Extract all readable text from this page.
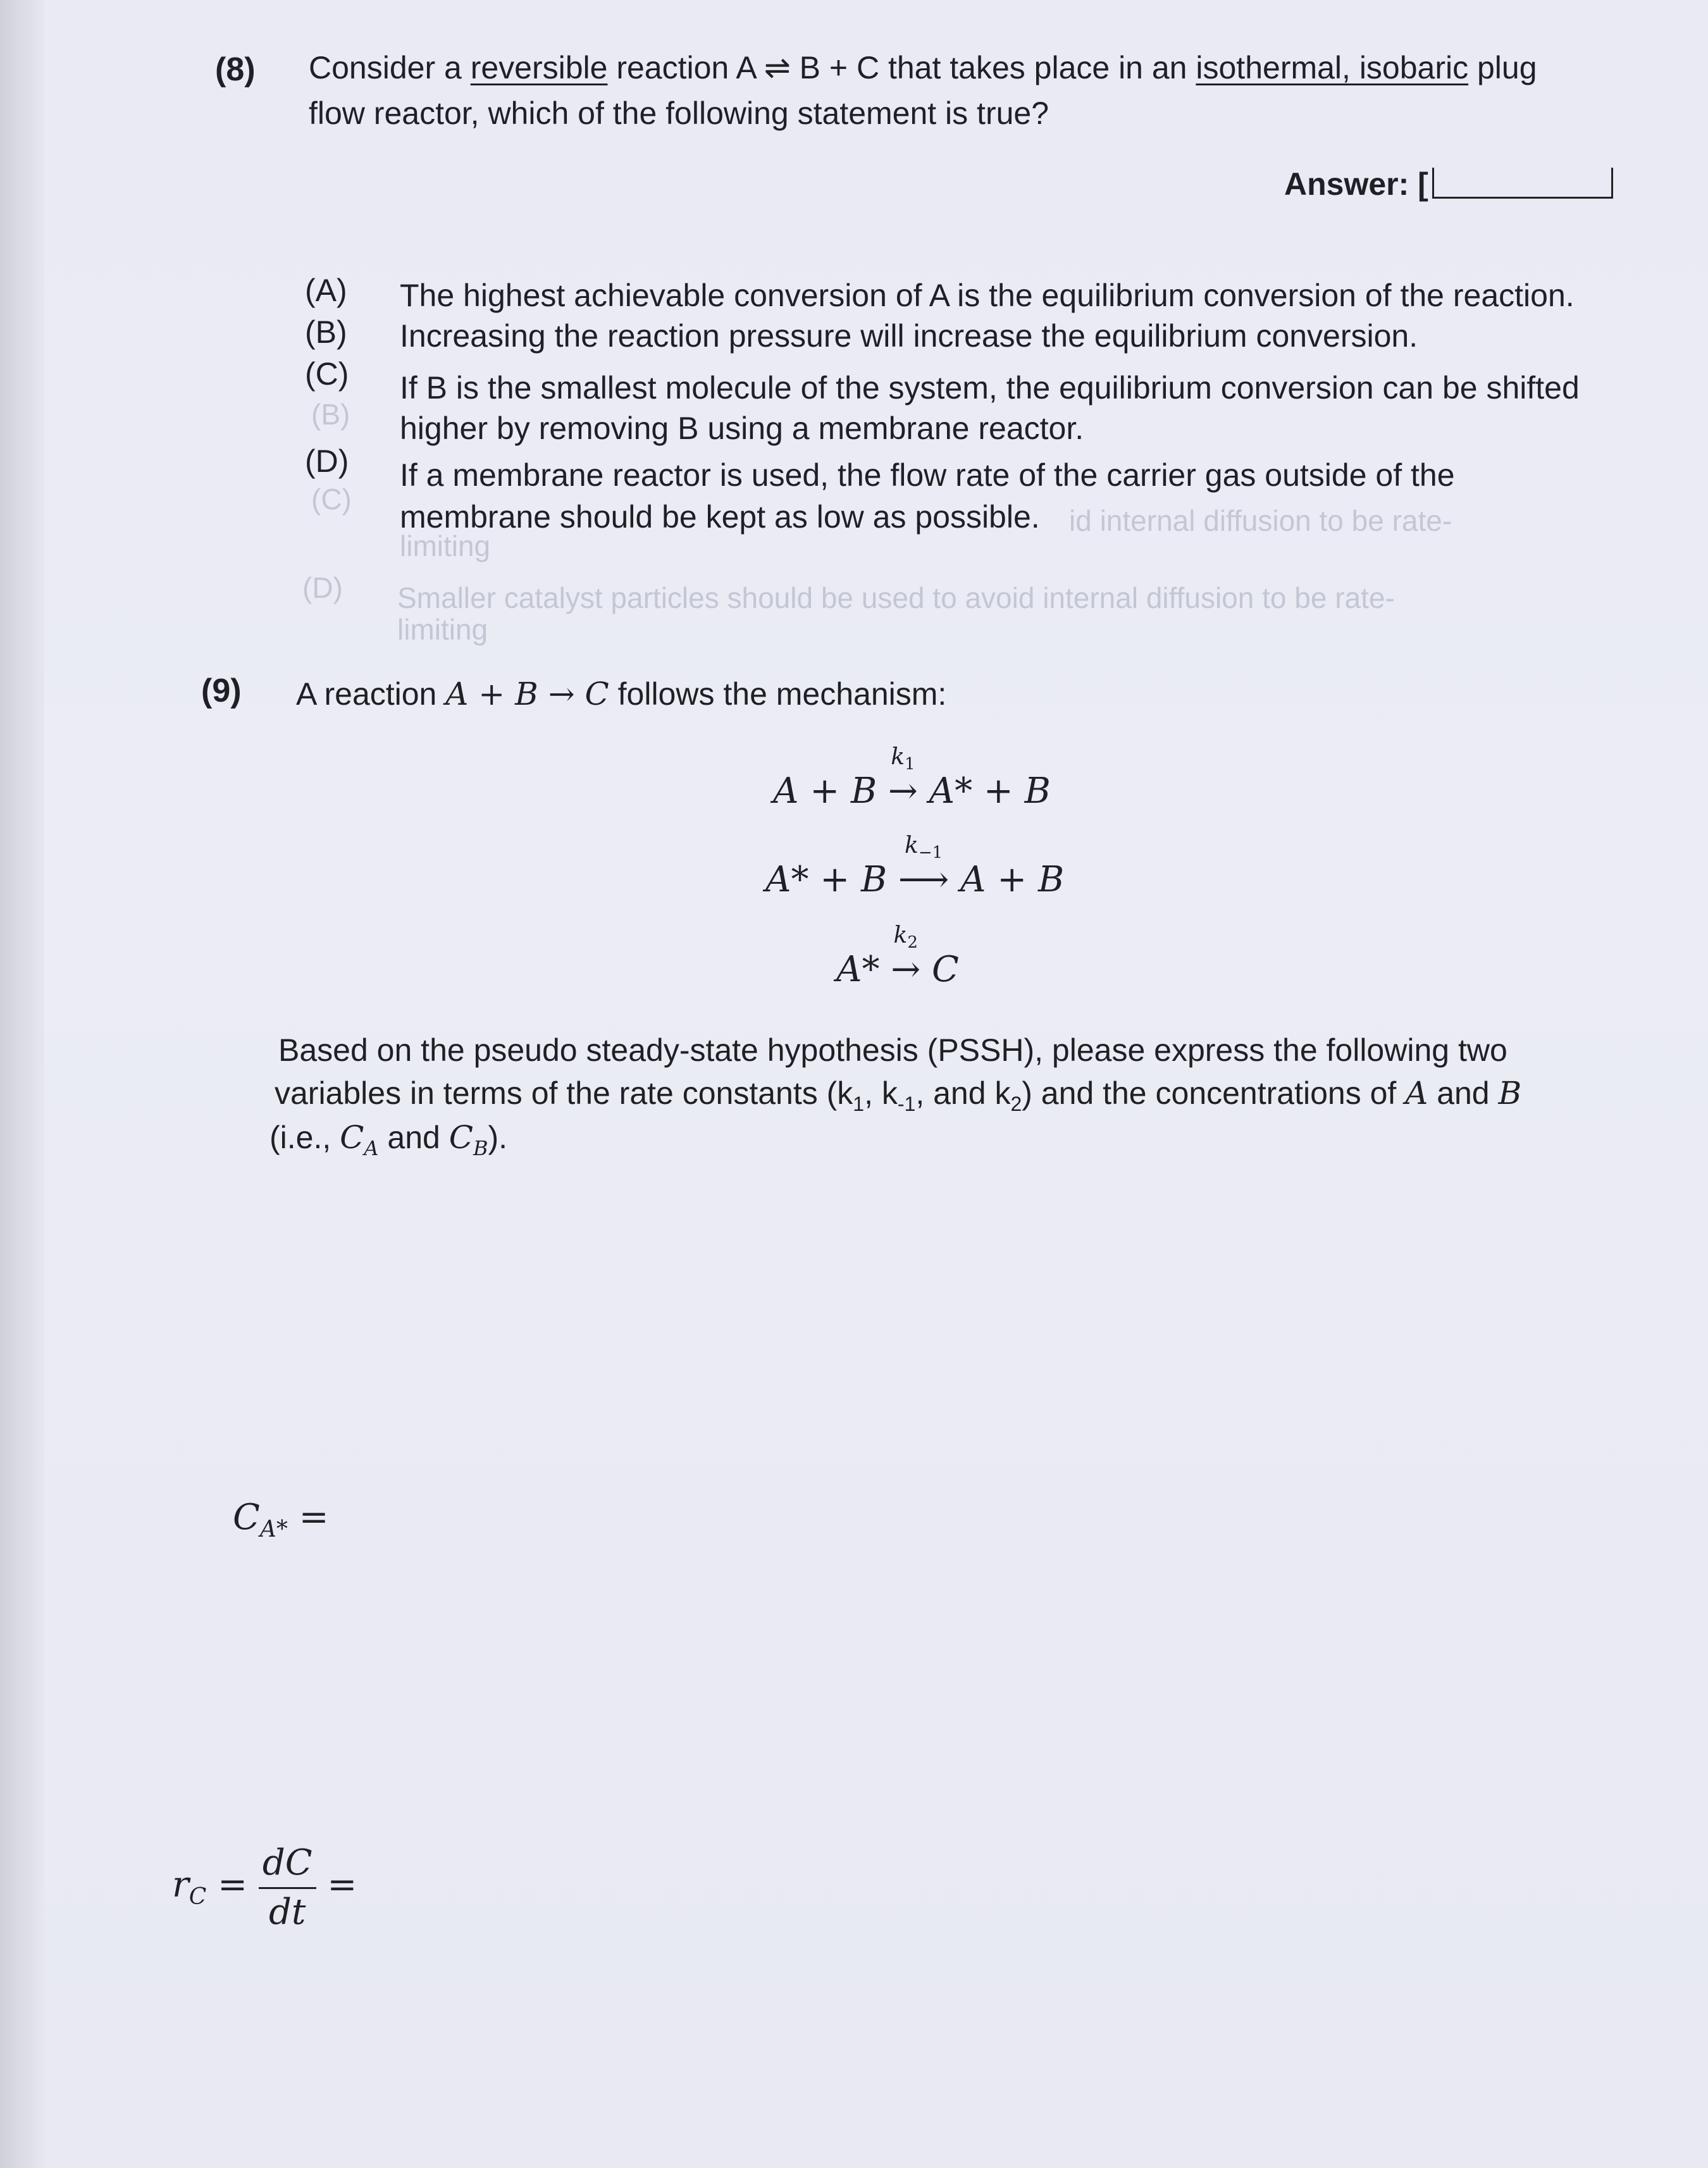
(8) Consider a reversible reaction A ⇌ B + C that takes place in an isothermal, isobaric plug
flow reactor, which of the following statement is true?
Answer: [
(A) The highest achievable conversion of A is the equilibrium conversion of the reaction.
(B) Increasing the reaction pressure will increase the equilibrium conversion.
(C) If B is the smallest molecule of the system, the equilibrium conversion can be shifted
(B) higher by removing B using a membrane reactor.
(D) If a membrane reactor is used, the flow rate of the carrier gas outside of the
(C) membrane should be kept as low as possible. id internal diffusion to be rate-
limiting
(D) Smaller catalyst particles should be used to avoid internal diffusion to be rate-
limiting
(9) A reaction A + B → C follows the mechanism:
A + B
$k_1$
→ A* + B
A* + B
$k_{-1}$
⟶ A + B
A*
$k_2$
→ C
Based on the pseudo steady-state hypothesis (PSSH), please express the following two
variables in terms of the rate constants ($k_1$, $k_{-1}$, and $k_2$) and the concentrations of A and B
(i.e., $C_A$ and $C_B$).
$C_{A*}$ =
$r_C = \frac{dC}{dt}$ =
